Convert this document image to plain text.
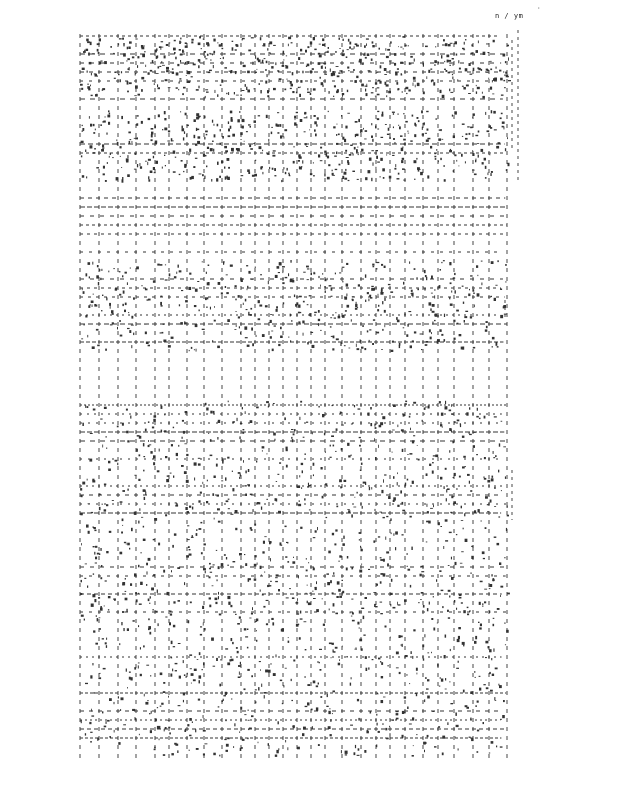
n / ym
·
